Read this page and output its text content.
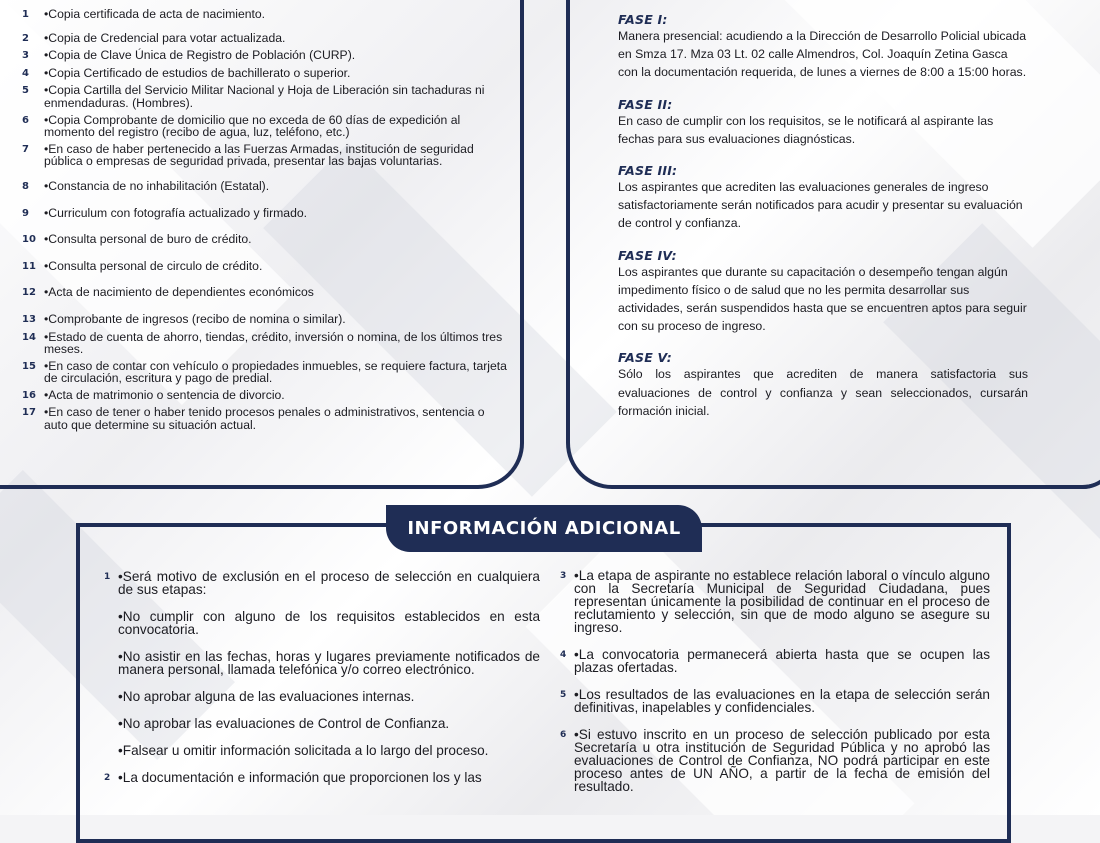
1	•Copia certificada de acta de nacimiento.
2	•Copia de Credencial para votar actualizada.
3	•Copia de Clave Única de Registro de Población (CURP).
4	•Copia Certificado de estudios de bachillerato o superior.
5	•Copia Cartilla del Servicio Militar Nacional y Hoja de Liberación sin tachaduras ni enmendaduras. (Hombres).
6	•Copia Comprobante de domicilio que no exceda de 60 días de expedición al momento del registro (recibo de agua, luz, teléfono, etc.)
7	•En caso de haber pertenecido a las Fuerzas Armadas, institución de seguridad pública o empresas de seguridad privada, presentar las bajas voluntarias.
8	•Constancia de no inhabilitación (Estatal).
9	•Curriculum con fotografía actualizado y firmado.
10 •Consulta personal de buro de crédito.
11 •Consulta personal de circulo de crédito.
12 •Acta de nacimiento de dependientes económicos
13 •Comprobante de ingresos (recibo de nomina o similar).
14 •Estado de cuenta de ahorro, tiendas, crédito, inversión o nomina, de los últimos tres meses.
15 •En caso de contar con vehículo o propiedades inmuebles, se requiere factura, tarjeta de circulación, escritura y pago de predial.
16 •Acta de matrimonio o sentencia de divorcio.
17 •En caso de tener o haber tenido procesos penales o administrativos, sentencia o auto que determine su situación actual.
FASE I:
Manera presencial: acudiendo a la Dirección de Desarrollo Policial ubicada en Smza 17. Mza 03 Lt. 02 calle Almendros, Col. Joaquín Zetina Gasca con la documentación requerida, de lunes a viernes de 8:00 a 15:00 horas.
FASE II:
En caso de cumplir con los requisitos, se le notificará al aspirante las fechas para sus evaluaciones diagnósticas.
FASE III:
Los aspirantes que acrediten las evaluaciones generales de ingreso satisfactoriamente serán notificados para acudir y presentar su evaluación de control y confianza.
FASE IV:
Los aspirantes que durante su capacitación o desempeño tengan algún impedimento físico o de salud que no les permita desarrollar sus actividades, serán suspendidos hasta que se encuentren aptos para seguir con su proceso de ingreso.
FASE V:
Sólo los aspirantes que acrediten de manera satisfactoria sus evaluaciones de control y confianza y sean seleccionados, cursarán formación inicial.
INFORMACIÓN ADICIONAL
1 •Será motivo de exclusión en el proceso de selección en cualquiera de sus etapas:
•No cumplir con alguno de los requisitos establecidos en esta convocatoria.
•No asistir en las fechas, horas y lugares previamente notificados de manera personal, llamada telefónica y/o correo electrónico.
•No aprobar alguna de las evaluaciones internas.
•No aprobar las evaluaciones de Control de Confianza.
•Falsear u omitir información solicitada a lo largo del proceso.
2 •La documentación e información que proporcionen los y las
3 •La etapa de aspirante no establece relación laboral o vínculo alguno con la Secretaría Municipal de Seguridad Ciudadana, pues representan únicamente la posibilidad de continuar en el proceso de reclutamiento y selección, sin que de modo alguno se asegure su ingreso.
4 •La convocatoria permanecerá abierta hasta que se ocupen las plazas ofertadas.
5 •Los resultados de las evaluaciones en la etapa de selección serán definitivas, inapelables y confidenciales.
6 •Si estuvo inscrito en un proceso de selección publicado por esta Secretaría u otra institución de Seguridad Pública y no aprobó las evaluaciones de Control de Confianza, NO podrá participar en este proceso antes de UN AÑO, a partir de la fecha de emisión del resultado.
